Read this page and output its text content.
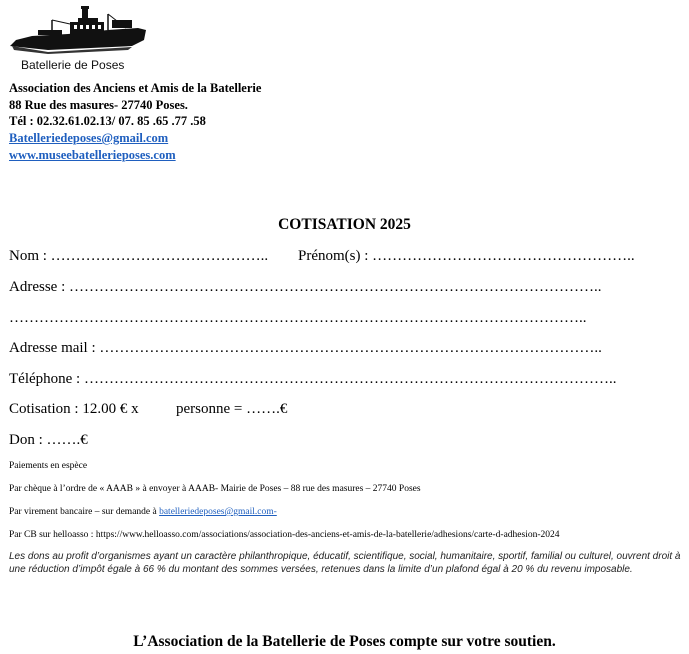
Batellerie de Poses
Association des Anciens et Amis de la Batellerie
88 Rue des masures- 27740 Poses.
Tél : 02.32.61.02.13/ 07. 85 .65 .77 .58
Batelleriedeposes@gmail.com
www.museebatellerieposes.com
COTISATION 2025
Nom : …………………………………….. Prénom(s) : ……………………………………………..
Adresse : ……………………………………………………………………………………………..
……………………………………………………………………………………………………..
Adresse mail : ………………………………………………………………………………………..
Téléphone : ……………………………………………………………………………………………..
Cotisation : 12.00 € x personne = …….€
Don : …….€
Paiements en espèce
Par chèque à l’ordre de « AAAB » à envoyer à AAAB- Mairie de Poses – 88 rue des masures – 27740 Poses
Par virement bancaire – sur demande à batelleriedeposes@gmail.com-
Par CB sur helloasso : https://www.helloasso.com/associations/association-des-anciens-et-amis-de-la-batellerie/adhesions/carte-d-adhesion-2024
Les dons au profit d’organismes ayant un caractère philanthropique, éducatif, scientifique, social, humanitaire, sportif, familial ou culturel, ouvrent droit à une réduction d’impôt égale à 66 % du montant des sommes versées, retenues dans la limite d’un plafond égal à 20 % du revenu imposable.
L’Association de la Batellerie de Poses compte sur votre soutien.
